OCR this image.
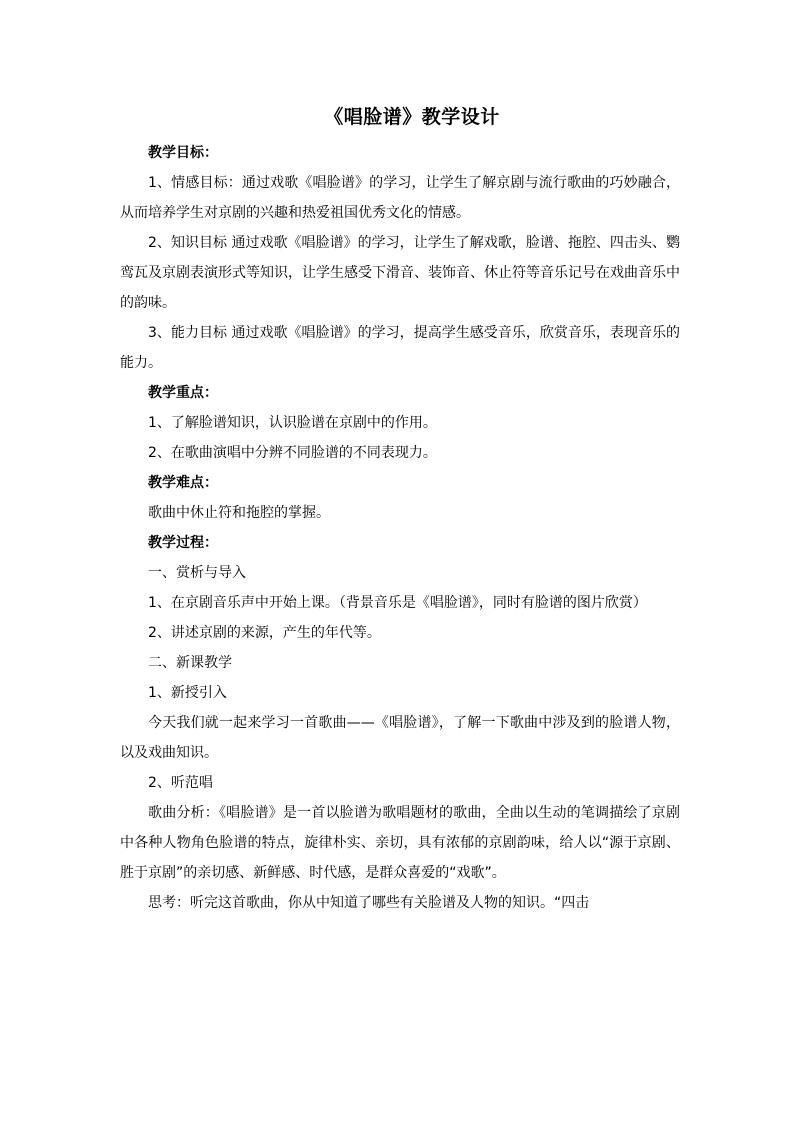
《唱脸谱》教学设计

教学目标：

1、情感目标：通过戏歌《唱脸谱》的学习，让学生了解京剧与流行歌曲的巧妙融合，从而培养学生对京剧的兴趣和热爱祖国优秀文化的情感。

2、知识目标 通过戏歌《唱脸谱》的学习，让学生了解戏歌，脸谱、拖腔、四击头、鹦鸾瓦及京剧表演形式等知识，让学生感受下滑音、装饰音、休止符等音乐记号在戏曲音乐中的韵味。

3、能力目标 通过戏歌《唱脸谱》的学习，提高学生感受音乐，欣赏音乐，表现音乐的能力。

教学重点：

1、了解脸谱知识，认识脸谱在京剧中的作用。

2、在歌曲演唱中分辨不同脸谱的不同表现力。

教学难点：

歌曲中休止符和拖腔的掌握。

教学过程：

一、赏析与导入

1、在京剧音乐声中开始上课。（背景音乐是《唱脸谱》，同时有脸谱的图片欣赏）

2、讲述京剧的来源，产生的年代等。

二、新课教学

1、新授引入

今天我们就一起来学习一首歌曲——《唱脸谱》，了解一下歌曲中涉及到的脸谱人物，以及戏曲知识。

2、听范唱

歌曲分析：《唱脸谱》是一首以脸谱为歌唱题材的歌曲，全曲以生动的笔调描绘了京剧中各种人物角色脸谱的特点，旋律朴实、亲切，具有浓郁的京剧韵味，给人以“源于京剧、胜于京剧”的亲切感、新鲜感、时代感，是群众喜爱的“戏歌”。

思考：听完这首歌曲，你从中知道了哪些有关脸谱及人物的知识。“四击
